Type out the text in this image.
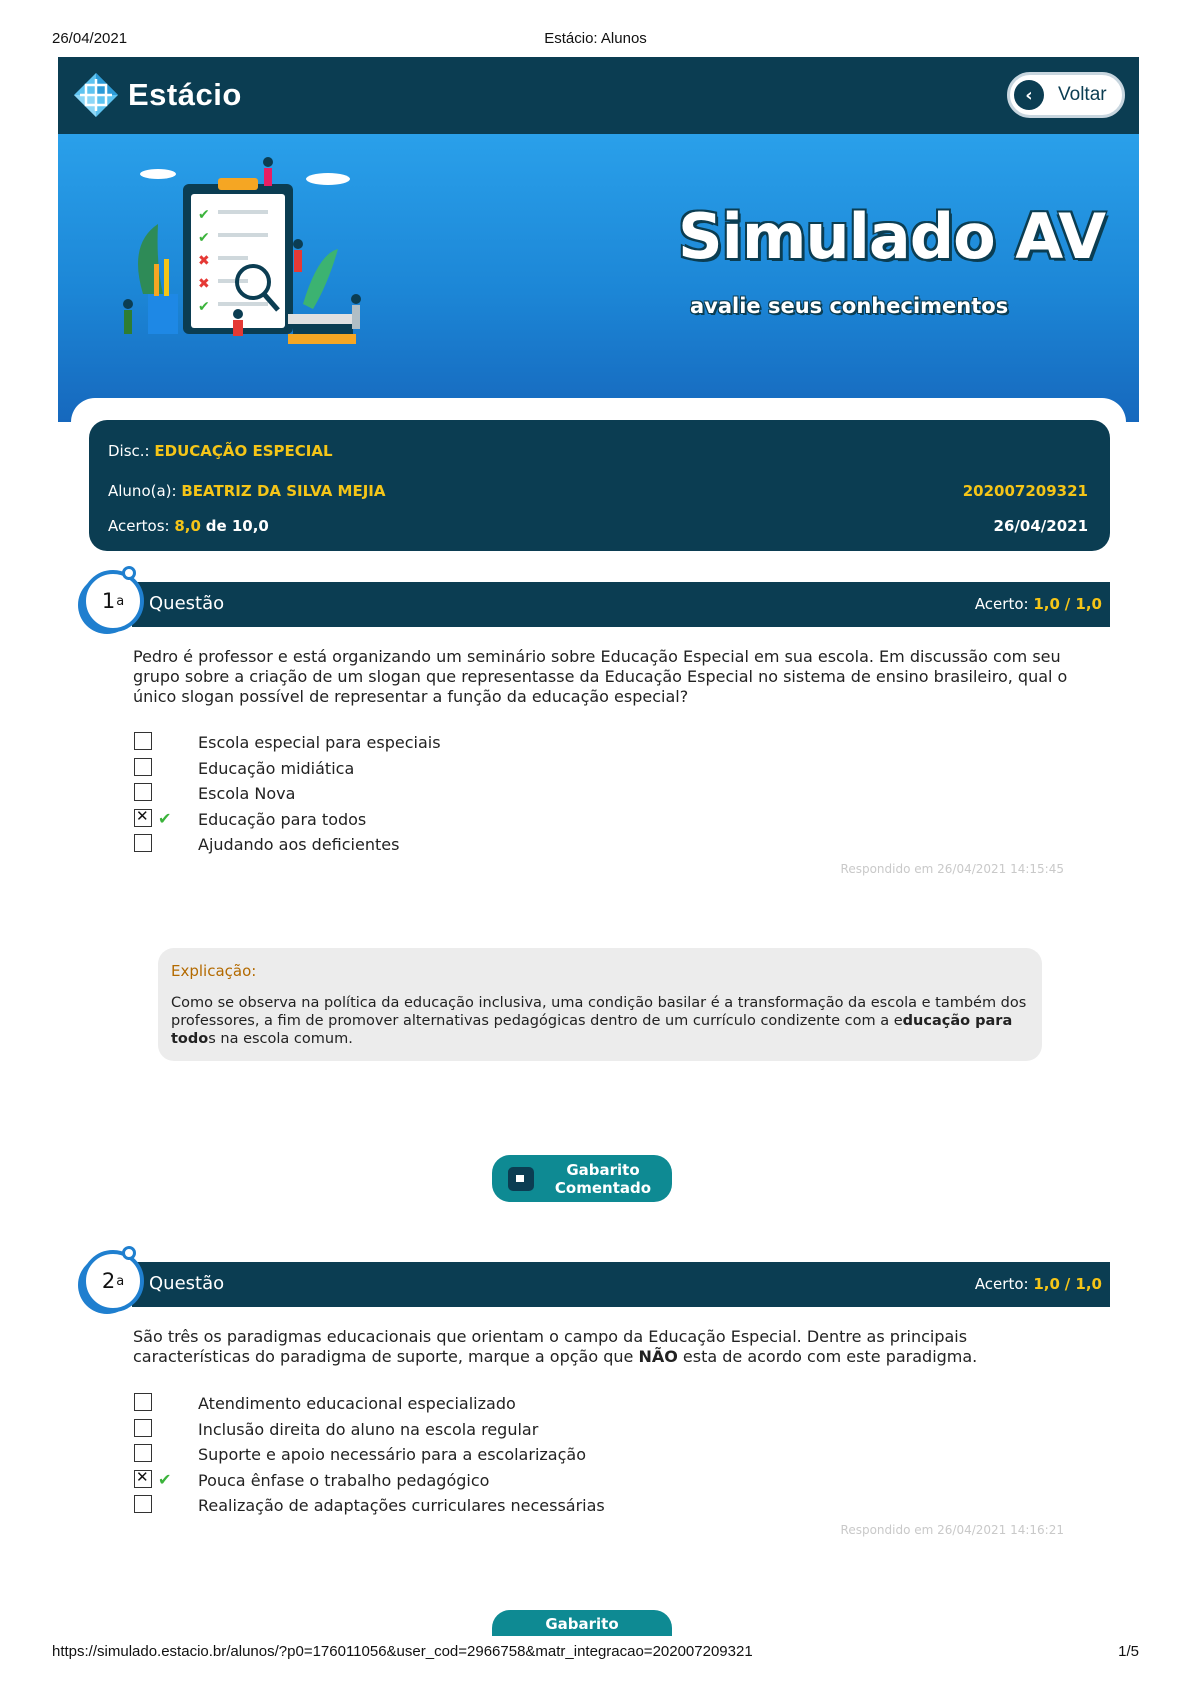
26/04/2021	Estácio: Alunos
Estácio	‹	Voltar
✔
✔
✖
✖
✔
Simulado AV
avalie seus conhecimentos
Disc.: EDUCAÇÃO ESPECIAL
Aluno(a): BEATRIZ DA SILVA MEJIA	202007209321
Acertos: 8,0 de 10,0	26/04/2021
Questão	Acerto: 1,0 / 1,0
1 a
Pedro é professor e está organizando um seminário sobre Educação Especial em sua escola. Em discussão com seu grupo sobre a criação de um slogan que representasse da Educação Especial no sistema de ensino brasileiro, qual o único slogan possível de representar a função da educação especial?
Escola especial para especiais
Educação midiática
Escola Nova
✕
✔ Educação para todos
Ajudando aos deficientes
Respondido em 26/04/2021 14:15:45
Explicação:
Como se observa na política da educação inclusiva, uma condição basilar é a transformação da escola e também dos professores, a fim de promover alternativas pedagógicas dentro de um currículo condizente com a educação para todos na escola comum.
Gabarito
Comentado
Questão	Acerto: 1,0 / 1,0
2 a
São três os paradigmas educacionais que orientam o campo da Educação Especial. Dentre as principais características do paradigma de suporte, marque a opção que NÃO esta de acordo com este paradigma.
Atendimento educacional especializado
Inclusão direita do aluno na escola regular
Suporte e apoio necessário para a escolarização
✕
✔ Pouca ênfase o trabalho pedagógico
Realização de adaptações curriculares necessárias
Respondido em 26/04/2021 14:16:21
Gabarito
https://simulado.estacio.br/alunos/?p0=176011056&user_cod=2966758&matr_integracao=202007209321	1/5
